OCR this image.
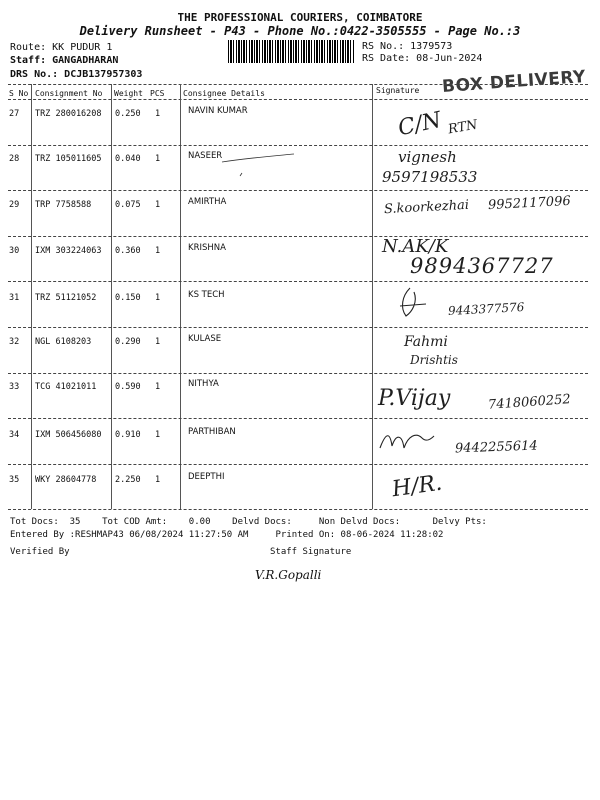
THE PROFESSIONAL COURIERS, COIMBATORE
Delivery Runsheet - P43 - Phone No.:0422-3505555 - Page No.:3
Route: KK PUDUR 1
Staff: GANGADHARAN
DRS No.: DCJB137957303
RS No.: 1379573
RS Date: 08-Jun-2024
BOX DELIVERY
S No Consignment No Weight PCS Consignee Details	Signature
27 TRZ 280016208 0.250 1	NAVIN KUMAR	C/N RTN
28 TRZ 105011605 0.040 1	NASEER	vignesh
9597198533
29 TRP 7758588	0.075 1	AMIRTHA	S.koorkezhai 9952117096
30 IXM 303224063 0.360 1	KRISHNA	N.AK/K
9894367727
31 TRZ 51121052 0.150 1	KS TECH
9443377576
32 NGL 6108203	0.290 1	KULASE	Fahmi
Drishtis
33 TCG 41021011 0.590 1	NITHYA
P.Vijay	7418060252
34 IXM 506456080 0.910 1	PARTHIBAN
9442255614
35 WKY 28604778 2.250 1	DEEPTHI	H/R.
Tot Docs:  35    Tot COD Amt:    0.00    Delvd Docs:     Non Delvd Docs:      Delvy Pts:
Entered By :RESHMAP43 06/08/2024 11:27:50 AM     Printed On: 08-06-2024 11:28:02
Verified By	Staff Signature
V.R.Gopalli
